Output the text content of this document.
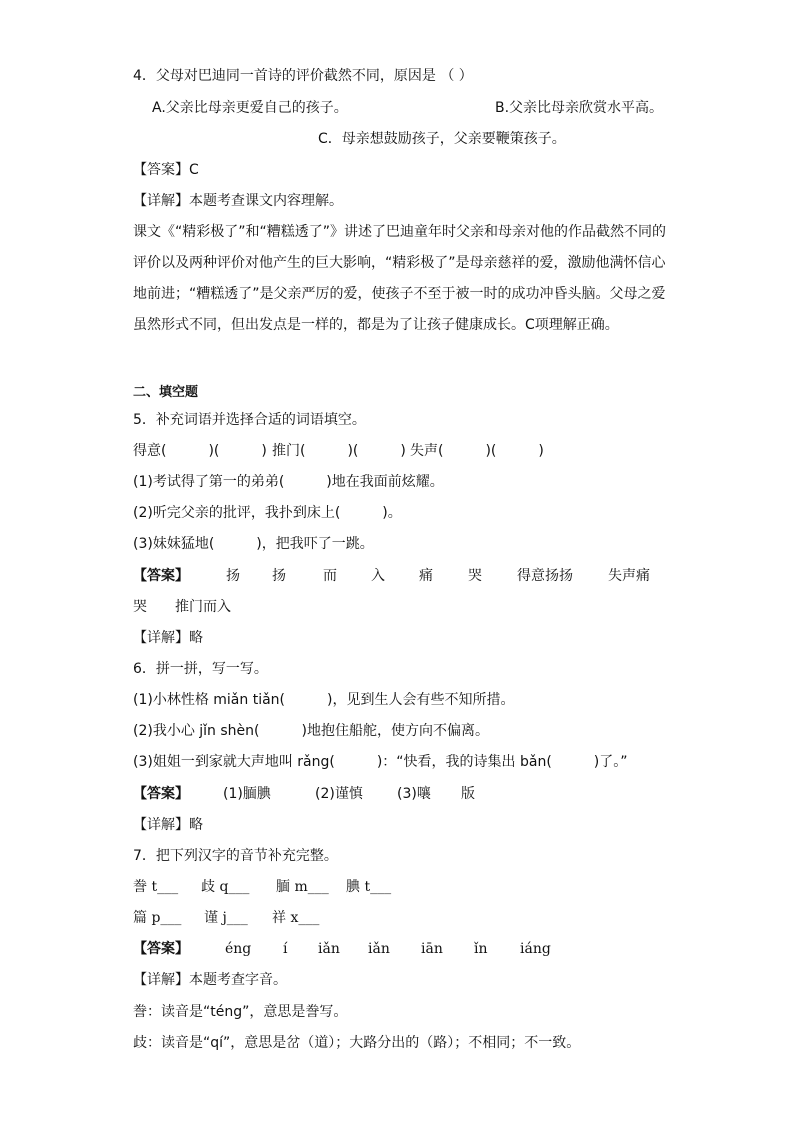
4．父母对巴迪同一首诗的评价截然不同，原因是 （ ）
A.父亲比母亲更爱自己的孩子。	B.父亲比母亲欣赏水平高。
C．母亲想鼓励孩子，父亲要鞭策孩子。
【答案】C
【详解】本题考查课文内容理解。
课文《“精彩极了”和“糟糕透了”》讲述了巴迪童年时父亲和母亲对他的作品截然不同的
评价以及两种评价对他产生的巨大影响，“精彩极了”是母亲慈祥的爱，激励他满怀信心
地前进；“糟糕透了”是父亲严厉的爱，使孩子不至于被一时的成功冲昏头脑。父母之爱
虽然形式不同，但出发点是一样的，都是为了让孩子健康成长。C项理解正确。
二、填空题
5．补充词语并选择合适的词语填空。
得意(　　　)(　　　) 推门(　　　)(　　　) 失声(　　　)(　　　)
(1)考试得了第一的弟弟(　　　)地在我面前炫耀。
(2)听完父亲的批评，我扑到床上(　　　)。
(3)妹妹猛地(　　　)，把我吓了一跳。
【答案】	扬 扬	而 入 痛	哭	得意扬扬	失声痛
哭　　推门而入
【详解】略
6．拼一拼，写一写。
(1)小林性格 miǎn tiǎn(　　　)，见到生人会有些不知所措。
(2)我小心 jǐn shèn(　　　)地抱住船舵，使方向不偏离。
(3)姐姐一到家就大声地叫 rǎng(　　　)：“快看，我的诗集出 bǎn(　　　)了。”
【答案】 (1)腼腆	(2)谨慎 (3)嚷 版
【详解】略
7．把下列汉字的音节补充完整。
誊 t___ 歧 q___ 腼 m___ 腆 t___
篇 p___ 谨 j___ 祥 x___
【答案】	éng í iǎn iǎn iān ǐn iáng
【详解】本题考查字音。
誊：读音是“téng”，意思是誊写。
歧：读音是“qí”，意思是岔（道）；大路分出的（路）；不相同；不一致。
